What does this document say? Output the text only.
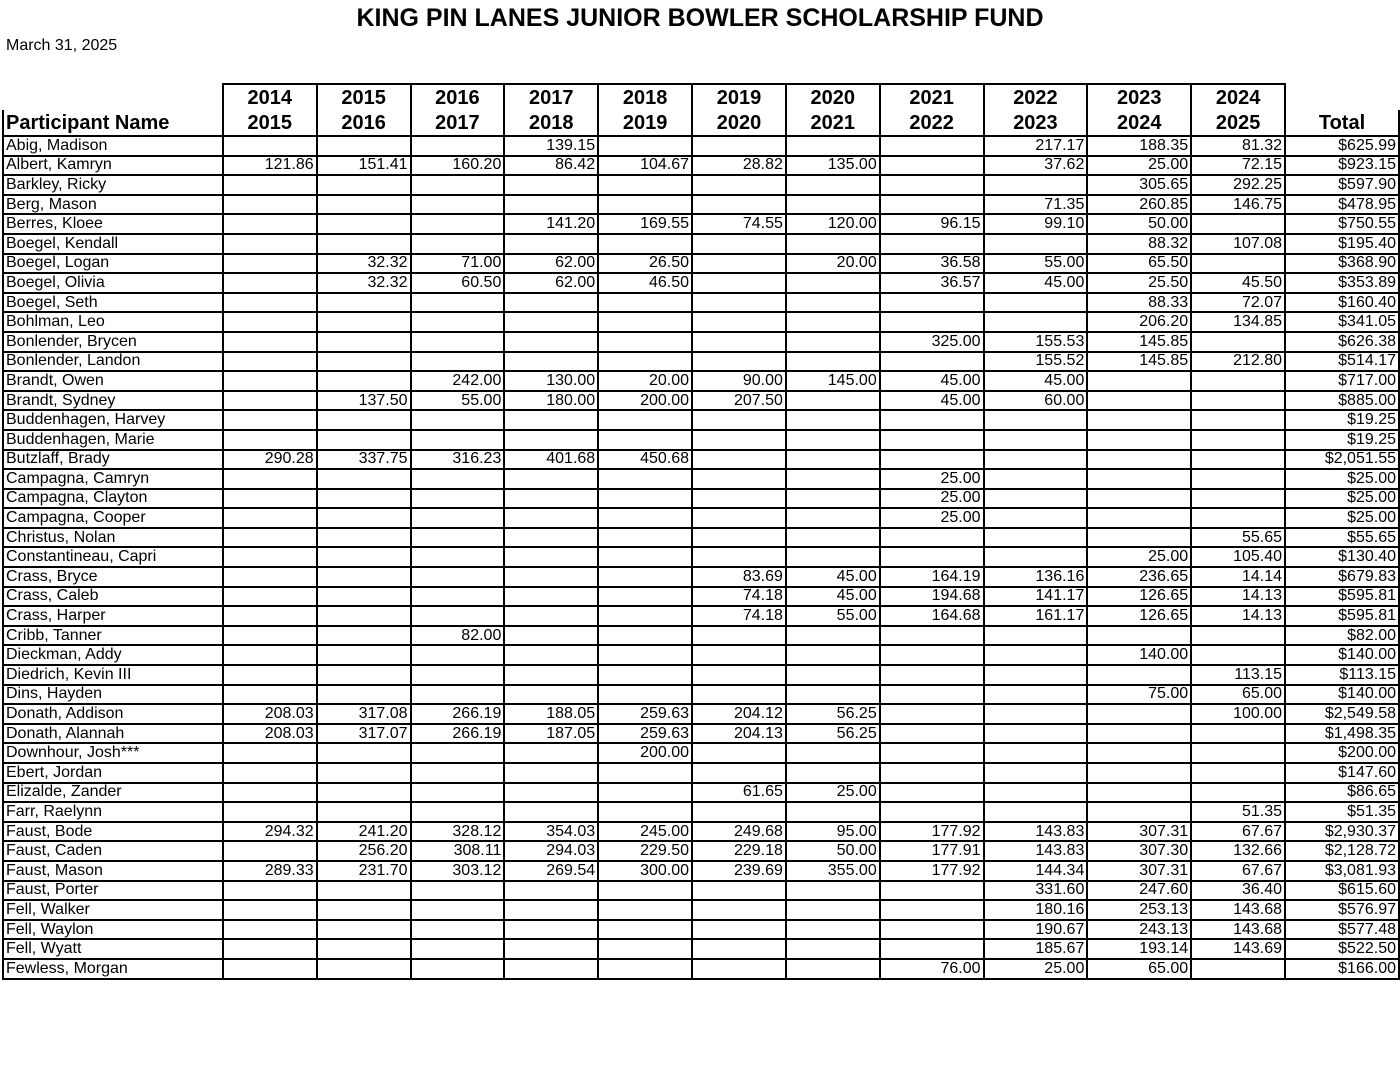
KING PIN LANES JUNIOR BOWLER SCHOLARSHIP FUND
March 31, 2025
	2014	2015	2016	2017	2018	2019	2020	2021	2022	2023	2024	
Participant Name	2015	2016	2017	2018	2019	2020	2021	2022	2023	2024	2025	Total
Abig, Madison				139.15					217.17	188.35	81.32	$625.99
Albert, Kamryn	121.86	151.41	160.20	86.42	104.67	28.82	135.00		37.62	25.00	72.15	$923.15
Barkley, Ricky										305.65	292.25	$597.90
Berg, Mason									71.35	260.85	146.75	$478.95
Berres, Kloee				141.20	169.55	74.55	120.00	96.15	99.10	50.00		$750.55
Boegel, Kendall										88.32	107.08	$195.40
Boegel, Logan		32.32	71.00	62.00	26.50		20.00	36.58	55.00	65.50		$368.90
Boegel, Olivia		32.32	60.50	62.00	46.50			36.57	45.00	25.50	45.50	$353.89
Boegel, Seth										88.33	72.07	$160.40
Bohlman, Leo										206.20	134.85	$341.05
Bonlender, Brycen								325.00	155.53	145.85		$626.38
Bonlender, Landon									155.52	145.85	212.80	$514.17
Brandt, Owen			242.00	130.00	20.00	90.00	145.00	45.00	45.00			$717.00
Brandt, Sydney		137.50	55.00	180.00	200.00	207.50		45.00	60.00			$885.00
Buddenhagen, Harvey												$19.25
Buddenhagen, Marie												$19.25
Butzlaff, Brady	290.28	337.75	316.23	401.68	450.68							$2,051.55
Campagna, Camryn								25.00				$25.00
Campagna, Clayton								25.00				$25.00
Campagna, Cooper								25.00				$25.00
Christus, Nolan											55.65	$55.65
Constantineau, Capri										25.00	105.40	$130.40
Crass, Bryce						83.69	45.00	164.19	136.16	236.65	14.14	$679.83
Crass, Caleb						74.18	45.00	194.68	141.17	126.65	14.13	$595.81
Crass, Harper						74.18	55.00	164.68	161.17	126.65	14.13	$595.81
Cribb, Tanner			82.00									$82.00
Dieckman, Addy										140.00		$140.00
Diedrich, Kevin III											113.15	$113.15
Dins, Hayden										75.00	65.00	$140.00
Donath, Addison	208.03	317.08	266.19	188.05	259.63	204.12	56.25				100.00	$2,549.58
Donath, Alannah	208.03	317.07	266.19	187.05	259.63	204.13	56.25					$1,498.35
Downhour, Josh***					200.00							$200.00
Ebert, Jordan												$147.60
Elizalde, Zander						61.65	25.00					$86.65
Farr, Raelynn											51.35	$51.35
Faust, Bode	294.32	241.20	328.12	354.03	245.00	249.68	95.00	177.92	143.83	307.31	67.67	$2,930.37
Faust, Caden		256.20	308.11	294.03	229.50	229.18	50.00	177.91	143.83	307.30	132.66	$2,128.72
Faust, Mason	289.33	231.70	303.12	269.54	300.00	239.69	355.00	177.92	144.34	307.31	67.67	$3,081.93
Faust, Porter									331.60	247.60	36.40	$615.60
Fell, Walker									180.16	253.13	143.68	$576.97
Fell, Waylon									190.67	243.13	143.68	$577.48
Fell, Wyatt									185.67	193.14	143.69	$522.50
Fewless, Morgan								76.00	25.00	65.00		$166.00
